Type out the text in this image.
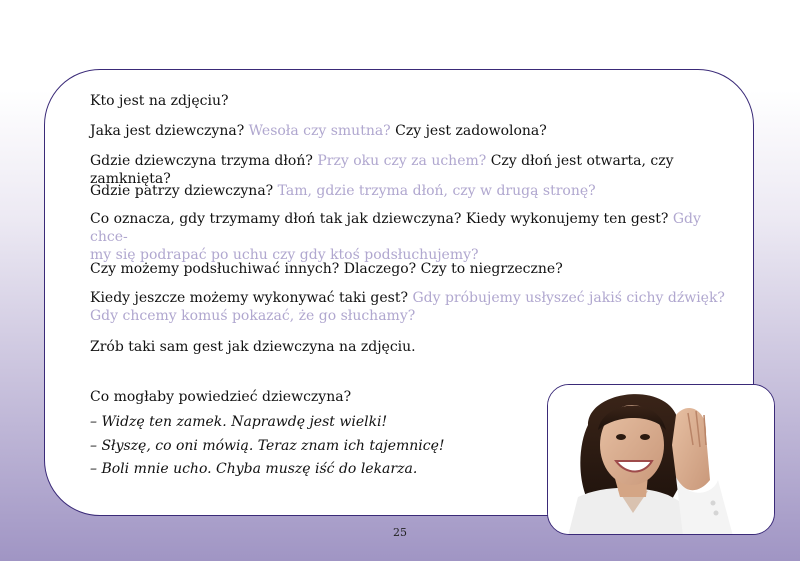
Kto jest na zdjęciu?

Jaka jest dziewczyna? Wesoła czy smutna? Czy jest zadowolona?

Gdzie dziewczyna trzyma dłoń? Przy oku czy za uchem? Czy dłoń jest otwarta, czy zamknięta?

Gdzie patrzy dziewczyna? Tam, gdzie trzyma dłoń, czy w drugą stronę?

Co oznacza, gdy trzymamy dłoń tak jak dziewczyna? Kiedy wykonujemy ten gest? Gdy chce-
my się podrapać po uchu czy gdy ktoś podsłuchujemy?

Czy możemy podsłuchiwać innych? Dlaczego? Czy to niegrzeczne?

Kiedy jeszcze możemy wykonywać taki gest? Gdy próbujemy usłyszeć jakiś cichy dźwięk?
Gdy chcemy komuś pokazać, że go słuchamy?

Zrób taki sam gest jak dziewczyna na zdjęciu.

Co mogłaby powiedzieć dziewczyna?

– Widzę ten zamek. Naprawdę jest wielki!

– Słyszę, co oni mówią. Teraz znam ich tajemnicę!

– Boli mnie ucho. Chyba muszę iść do lekarza.

25
